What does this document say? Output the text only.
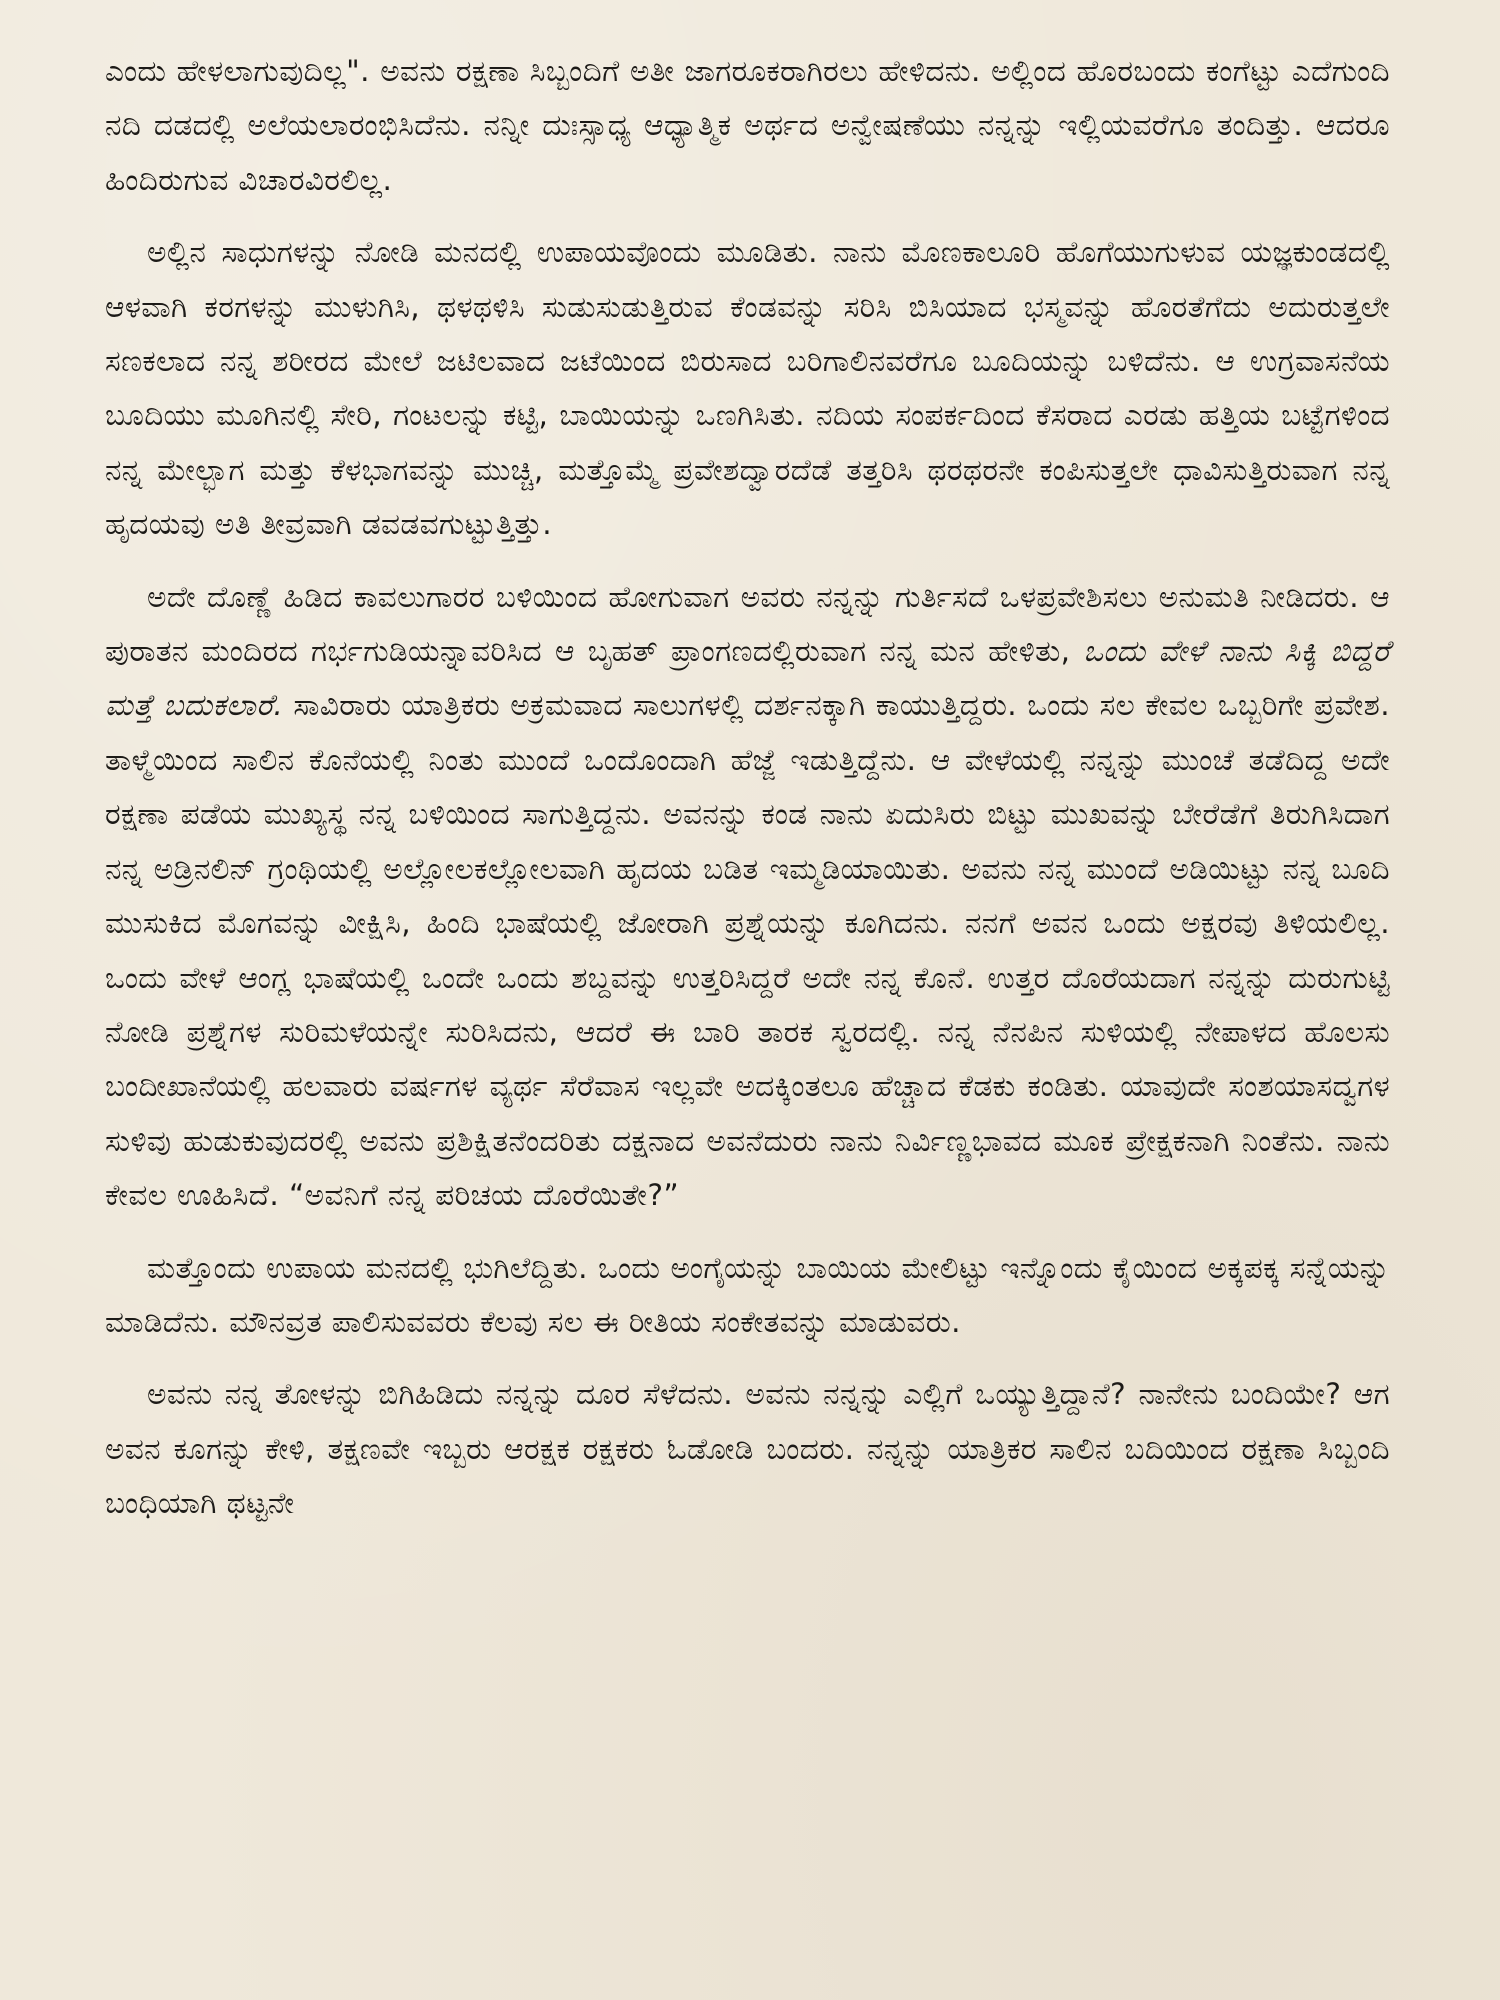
ಎಂದು ಹೇಳಲಾಗುವುದಿಲ್ಲ". ಅವನು ರಕ್ಷಣಾ ಸಿಬ್ಬಂದಿಗೆ ಅತೀ ಜಾಗರೂಕರಾಗಿರಲು ಹೇಳಿದನು. ಅಲ್ಲಿಂದ ಹೊರಬಂದು ಕಂಗೆಟ್ಟು ಎದೆಗುಂದಿ ನದಿ ದಡದಲ್ಲಿ ಅಲೆಯಲಾರಂಭಿಸಿದೆನು. ನನ್ನೀ ದುಃಸ್ಸಾಧ್ಯ ಆಧ್ಯಾತ್ಮಿಕ ಅರ್ಥದ ಅನ್ವೇಷಣೆಯು ನನ್ನನ್ನು ಇಲ್ಲಿಯವರೆಗೂ ತಂದಿತ್ತು. ಆದರೂ ಹಿಂದಿರುಗುವ ವಿಚಾರವಿರಲಿಲ್ಲ.

ಅಲ್ಲಿನ ಸಾಧುಗಳನ್ನು ನೋಡಿ ಮನದಲ್ಲಿ ಉಪಾಯವೊಂದು ಮೂಡಿತು. ನಾನು ಮೊಣಕಾಲೂರಿ ಹೊಗೆಯುಗುಳುವ ಯಜ್ಞಕುಂಡದಲ್ಲಿ ಆಳವಾಗಿ ಕರಗಳನ್ನು ಮುಳುಗಿಸಿ, ಥಳಥಳಿಸಿ ಸುಡುಸುಡುತ್ತಿರುವ ಕೆಂಡವನ್ನು ಸರಿಸಿ ಬಿಸಿಯಾದ ಭಸ್ಮವನ್ನು ಹೊರತೆಗೆದು ಅದುರುತ್ತಲೇ ಸಣಕಲಾದ ನನ್ನ ಶರೀರದ ಮೇಲೆ ಜಟಿಲವಾದ ಜಟೆಯಿಂದ ಬಿರುಸಾದ ಬರಿಗಾಲಿನವರೆಗೂ ಬೂದಿಯನ್ನು ಬಳಿದೆನು. ಆ ಉಗ್ರವಾಸನೆಯ ಬೂದಿಯು ಮೂಗಿನಲ್ಲಿ ಸೇರಿ, ಗಂಟಲನ್ನು ಕಟ್ಟಿ, ಬಾಯಿಯನ್ನು ಒಣಗಿಸಿತು. ನದಿಯ ಸಂಪರ್ಕದಿಂದ ಕೆಸರಾದ ಎರಡು ಹತ್ತಿಯ ಬಟ್ಟೆಗಳಿಂದ ನನ್ನ ಮೇಲ್ಭಾಗ ಮತ್ತು ಕೆಳಭಾಗವನ್ನು ಮುಚ್ಚಿ, ಮತ್ತೊಮ್ಮೆ ಪ್ರವೇಶದ್ವಾರದೆಡೆ ತತ್ತರಿಸಿ ಥರಥರನೇ ಕಂಪಿಸುತ್ತಲೇ ಧಾವಿಸುತ್ತಿರುವಾಗ ನನ್ನ ಹೃದಯವು ಅತಿ ತೀವ್ರವಾಗಿ ಡವಡವಗುಟ್ಟುತ್ತಿತ್ತು.

ಅದೇ ದೊಣ್ಣೆ ಹಿಡಿದ ಕಾವಲುಗಾರರ ಬಳಿಯಿಂದ ಹೋಗುವಾಗ ಅವರು ನನ್ನನ್ನು ಗುರ್ತಿಸದೆ ಒಳಪ್ರವೇಶಿಸಲು ಅನುಮತಿ ನೀಡಿದರು. ಆ ಪುರಾತನ ಮಂದಿರದ ಗರ್ಭಗುಡಿಯನ್ನಾವರಿಸಿದ ಆ ಬೃಹತ್ ಪ್ರಾಂಗಣದಲ್ಲಿರುವಾಗ ನನ್ನ ಮನ ಹೇಳಿತು, ಒಂದು ವೇಳೆ ನಾನು ಸಿಕ್ಕಿ ಬಿದ್ದರೆ ಮತ್ತೆ ಬದುಕಲಾರೆ. ಸಾವಿರಾರು ಯಾತ್ರಿಕರು ಅಕ್ರಮವಾದ ಸಾಲುಗಳಲ್ಲಿ ದರ್ಶನಕ್ಕಾಗಿ ಕಾಯುತ್ತಿದ್ದರು. ಒಂದು ಸಲ ಕೇವಲ ಒಬ್ಬರಿಗೇ ಪ್ರವೇಶ. ತಾಳ್ಮೆಯಿಂದ ಸಾಲಿನ ಕೊನೆಯಲ್ಲಿ ನಿಂತು ಮುಂದೆ ಒಂದೊಂದಾಗಿ ಹೆಜ್ಜೆ ಇಡುತ್ತಿದ್ದೆನು. ಆ ವೇಳೆಯಲ್ಲಿ ನನ್ನನ್ನು ಮುಂಚೆ ತಡೆದಿದ್ದ ಅದೇ ರಕ್ಷಣಾ ಪಡೆಯ ಮುಖ್ಯಸ್ಥ ನನ್ನ ಬಳಿಯಿಂದ ಸಾಗುತ್ತಿದ್ದನು. ಅವನನ್ನು ಕಂಡ ನಾನು ಏದುಸಿರು ಬಿಟ್ಟು ಮುಖವನ್ನು ಬೇರೆಡೆಗೆ ತಿರುಗಿಸಿದಾಗ ನನ್ನ ಅಡ್ರಿನಲಿನ್ ಗ್ರಂಥಿಯಲ್ಲಿ ಅಲ್ಲೋಲಕಲ್ಲೋಲವಾಗಿ ಹೃದಯ ಬಡಿತ ಇಮ್ಮಡಿಯಾಯಿತು. ಅವನು ನನ್ನ ಮುಂದೆ ಅಡಿಯಿಟ್ಟು ನನ್ನ ಬೂದಿ ಮುಸುಕಿದ ಮೊಗವನ್ನು ವೀಕ್ಷಿಸಿ, ಹಿಂದಿ ಭಾಷೆಯಲ್ಲಿ ಜೋರಾಗಿ ಪ್ರಶ್ನೆಯನ್ನು ಕೂಗಿದನು. ನನಗೆ ಅವನ ಒಂದು ಅಕ್ಷರವು ತಿಳಿಯಲಿಲ್ಲ. ಒಂದು ವೇಳೆ ಆಂಗ್ಲ ಭಾಷೆಯಲ್ಲಿ ಒಂದೇ ಒಂದು ಶಬ್ದವನ್ನು ಉತ್ತರಿಸಿದ್ದರೆ ಅದೇ ನನ್ನ ಕೊನೆ. ಉತ್ತರ ದೊರೆಯದಾಗ ನನ್ನನ್ನು ದುರುಗುಟ್ಟಿ ನೋಡಿ ಪ್ರಶ್ನೆಗಳ ಸುರಿಮಳೆಯನ್ನೇ ಸುರಿಸಿದನು, ಆದರೆ ಈ ಬಾರಿ ತಾರಕ ಸ್ವರದಲ್ಲಿ. ನನ್ನ ನೆನಪಿನ ಸುಳಿಯಲ್ಲಿ ನೇಪಾಳದ ಹೊಲಸು ಬಂದೀಖಾನೆಯಲ್ಲಿ ಹಲವಾರು ವರ್ಷಗಳ ವ್ಯರ್ಥ ಸೆರೆವಾಸ ಇಲ್ಲವೇ ಅದಕ್ಕಿಂತಲೂ ಹೆಚ್ಚಾದ ಕೆಡಕು ಕಂಡಿತು. ಯಾವುದೇ ಸಂಶಯಾಸದ್ವಗಳ ಸುಳಿವು ಹುಡುಕುವುದರಲ್ಲಿ ಅವನು ಪ್ರಶಿಕ್ಷಿತನೆಂದರಿತು ದಕ್ಷನಾದ ಅವನೆದುರು ನಾನು ನಿರ್ವಿಣ್ಣಭಾವದ ಮೂಕ ಪ್ರೇಕ್ಷಕನಾಗಿ ನಿಂತೆನು. ನಾನು ಕೇವಲ ಊಹಿಸಿದೆ. “ಅವನಿಗೆ ನನ್ನ ಪರಿಚಯ ದೊರೆಯಿತೇ?”

ಮತ್ತೊಂದು ಉಪಾಯ ಮನದಲ್ಲಿ ಭುಗಿಲೆದ್ದಿತು. ಒಂದು ಅಂಗೈಯನ್ನು ಬಾಯಿಯ ಮೇಲಿಟ್ಟು ಇನ್ನೊಂದು ಕೈಯಿಂದ ಅಕ್ಕಪಕ್ಕ ಸನ್ನೆಯನ್ನು ಮಾಡಿದೆನು. ಮೌನವ್ರತ ಪಾಲಿಸುವವರು ಕೆಲವು ಸಲ ಈ ರೀತಿಯ ಸಂಕೇತವನ್ನು ಮಾಡುವರು.

ಅವನು ನನ್ನ ತೋಳನ್ನು ಬಿಗಿಹಿಡಿದು ನನ್ನನ್ನು ದೂರ ಸೆಳೆದನು. ಅವನು ನನ್ನನ್ನು ಎಲ್ಲಿಗೆ ಒಯ್ಯುತ್ತಿದ್ದಾನೆ? ನಾನೇನು ಬಂದಿಯೇ? ಆಗ ಅವನ ಕೂಗನ್ನು ಕೇಳಿ, ತಕ್ಷಣವೇ ಇಬ್ಬರು ಆರಕ್ಷಕ ರಕ್ಷಕರು ಓಡೋಡಿ ಬಂದರು. ನನ್ನನ್ನು ಯಾತ್ರಿಕರ ಸಾಲಿನ ಬದಿಯಿಂದ ರಕ್ಷಣಾ ಸಿಬ್ಬಂದಿ ಬಂಧಿಯಾಗಿ ಥಟ್ಟನೇ
